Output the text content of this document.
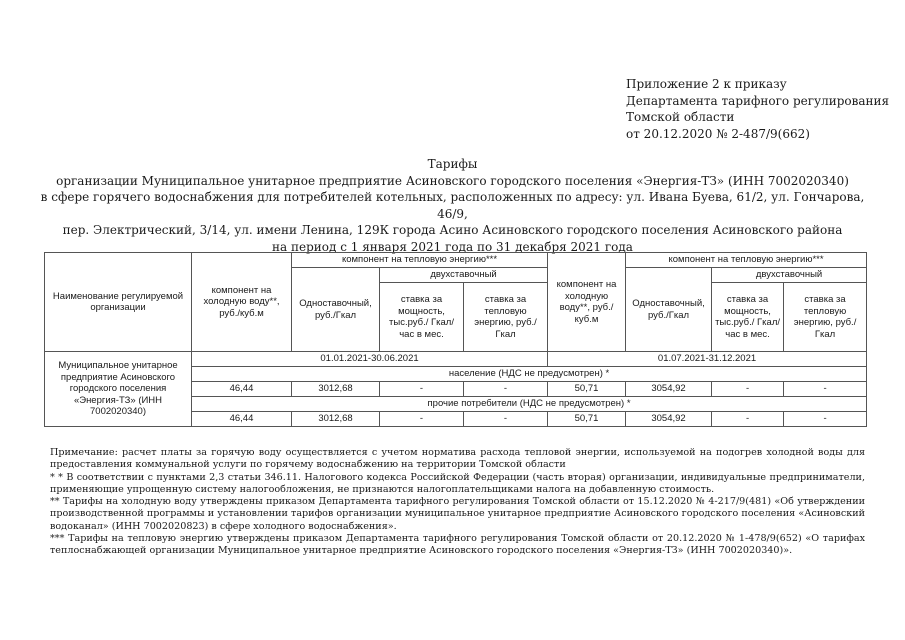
Приложение 2 к приказу
Департамента тарифного регулирования
Томской области
от 20.12.2020 № 2-487/9(662)
Тарифы
организации Муниципальное унитарное предприятие Асиновского городского поселения «Энергия-ТЗ» (ИНН 7002020340)
в сфере горячего водоснабжения для потребителей котельных, расположенных по адресу: ул. Ивана Буева, 61/2, ул. Гончарова, 46/9,
пер. Электрический, 3/14, ул. имени Ленина, 129К города Асино Асиновского городского поселения Асиновского района
на период с 1 января 2021 года по 31 декабря 2021 года
Наименование регулируемой организации	компонент на холодную воду**, руб./куб.м	компонент на тепловую энергию***			компонент на холодную воду**, руб./куб.м	компонент на тепловую энергию***		
		Одноставочный, руб./Гкал	двухставочный			Одноставочный, руб./Гкал	двухставочный	
			ставка за мощность, тыс.руб./ Гкал/час в мес.	ставка за тепловую энергию, руб./Гкал			ставка за мощность, тыс.руб./ Гкал/час в мес.	ставка за тепловую энергию, руб./Гкал
Муниципальное унитарное предприятие Асиновского городского поселения «Энергия-ТЗ» (ИНН 7002020340)	01.01.2021-30.06.2021				01.07.2021-31.12.2021			
	население (НДС не предусмотрен) *							
	46,44	3012,68	-	-	50,71	3054,92	-	-
	прочие потребители (НДС не предусмотрен) *							
	46,44	3012,68	-	-	50,71	3054,92	-	-

Примечание: расчет платы за горячую воду осуществляется с учетом норматива расхода тепловой энергии, используемой на подогрев холодной воды для предоставления коммунальной услуги по горячему водоснабжению на территории Томской области

* * В соответствии с пунктами 2,3 статьи 346.11. Налогового кодекса Российской Федерации (часть вторая) организации, индивидуальные предприниматели, применяющие упрощенную систему налогообложения, не признаются налогоплательщиками налога на добавленную стоимость.

** Тарифы на холодную воду утверждены приказом Департамента тарифного регулирования Томской области от 15.12.2020 № 4-217/9(481) «Об утверждении производственной программы и установлении тарифов организации муниципальное унитарное предприятие Асиновского городского поселения «Асиновский водоканал» (ИНН 7002020823) в сфере холодного водоснабжения».

*** Тарифы на тепловую энергию утверждены приказом Департамента тарифного регулирования Томской области от 20.12.2020 № 1-478/9(652) «О тарифах теплоснабжающей организации Муниципальное унитарное предприятие Асиновского городского поселения «Энергия-ТЗ» (ИНН 7002020340)».
